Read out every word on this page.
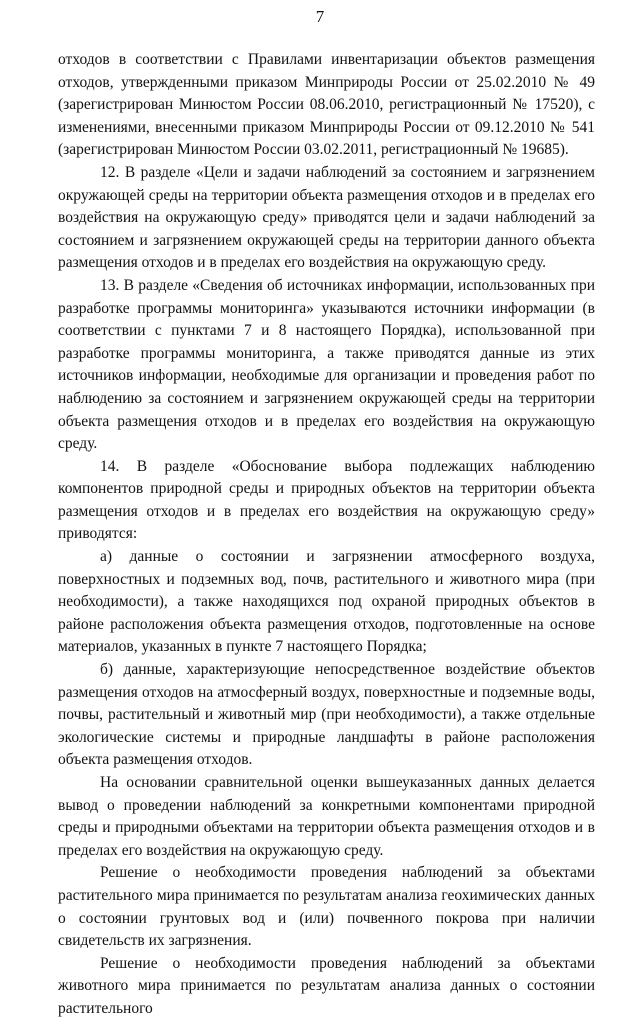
7

отходов в соответствии с Правилами инвентаризации объектов размещения отходов, утвержденными приказом Минприроды России от 25.02.2010 № 49 (зарегистрирован Минюстом России 08.06.2010, регистрационный № 17520), с изменениями, внесенными приказом Минприроды России от 09.12.2010 № 541 (зарегистрирован Минюстом России 03.02.2011, регистрационный № 19685).

12. В разделе «Цели и задачи наблюдений за состоянием и загрязнением окружающей среды на территории объекта размещения отходов и в пределах его воздействия на окружающую среду» приводятся цели и задачи наблюдений за состоянием и загрязнением окружающей среды на территории данного объекта размещения отходов и в пределах его воздействия на окружающую среду.

13. В разделе «Сведения об источниках информации, использованных при разработке программы мониторинга» указываются источники информации (в соответствии с пунктами 7 и 8 настоящего Порядка), использованной при разработке программы мониторинга, а также приводятся данные из этих источников информации, необходимые для организации и проведения работ по наблюдению за состоянием и загрязнением окружающей среды на территории объекта размещения отходов и в пределах его воздействия на окружающую среду.

14. В разделе «Обоснование выбора подлежащих наблюдению компонентов природной среды и природных объектов на территории объекта размещения отходов и в пределах его воздействия на окружающую среду» приводятся:

а) данные о состоянии и загрязнении атмосферного воздуха, поверхностных и подземных вод, почв, растительного и животного мира (при необходимости), а также находящихся под охраной природных объектов в районе расположения объекта размещения отходов, подготовленные на основе материалов, указанных в пункте 7 настоящего Порядка;

б) данные, характеризующие непосредственное воздействие объектов размещения отходов на атмосферный воздух, поверхностные и подземные воды, почвы, растительный и животный мир (при необходимости), а также отдельные экологические системы и природные ландшафты в районе расположения объекта размещения отходов.

На основании сравнительной оценки вышеуказанных данных делается вывод о проведении наблюдений за конкретными компонентами природной среды и природными объектами на территории объекта размещения отходов и в пределах его воздействия на окружающую среду.

Решение о необходимости проведения наблюдений за объектами растительного мира принимается по результатам анализа геохимических данных о состоянии грунтовых вод и (или) почвенного покрова при наличии свидетельств их загрязнения.

Решение о необходимости проведения наблюдений за объектами животного мира принимается по результатам анализа данных о состоянии растительного
